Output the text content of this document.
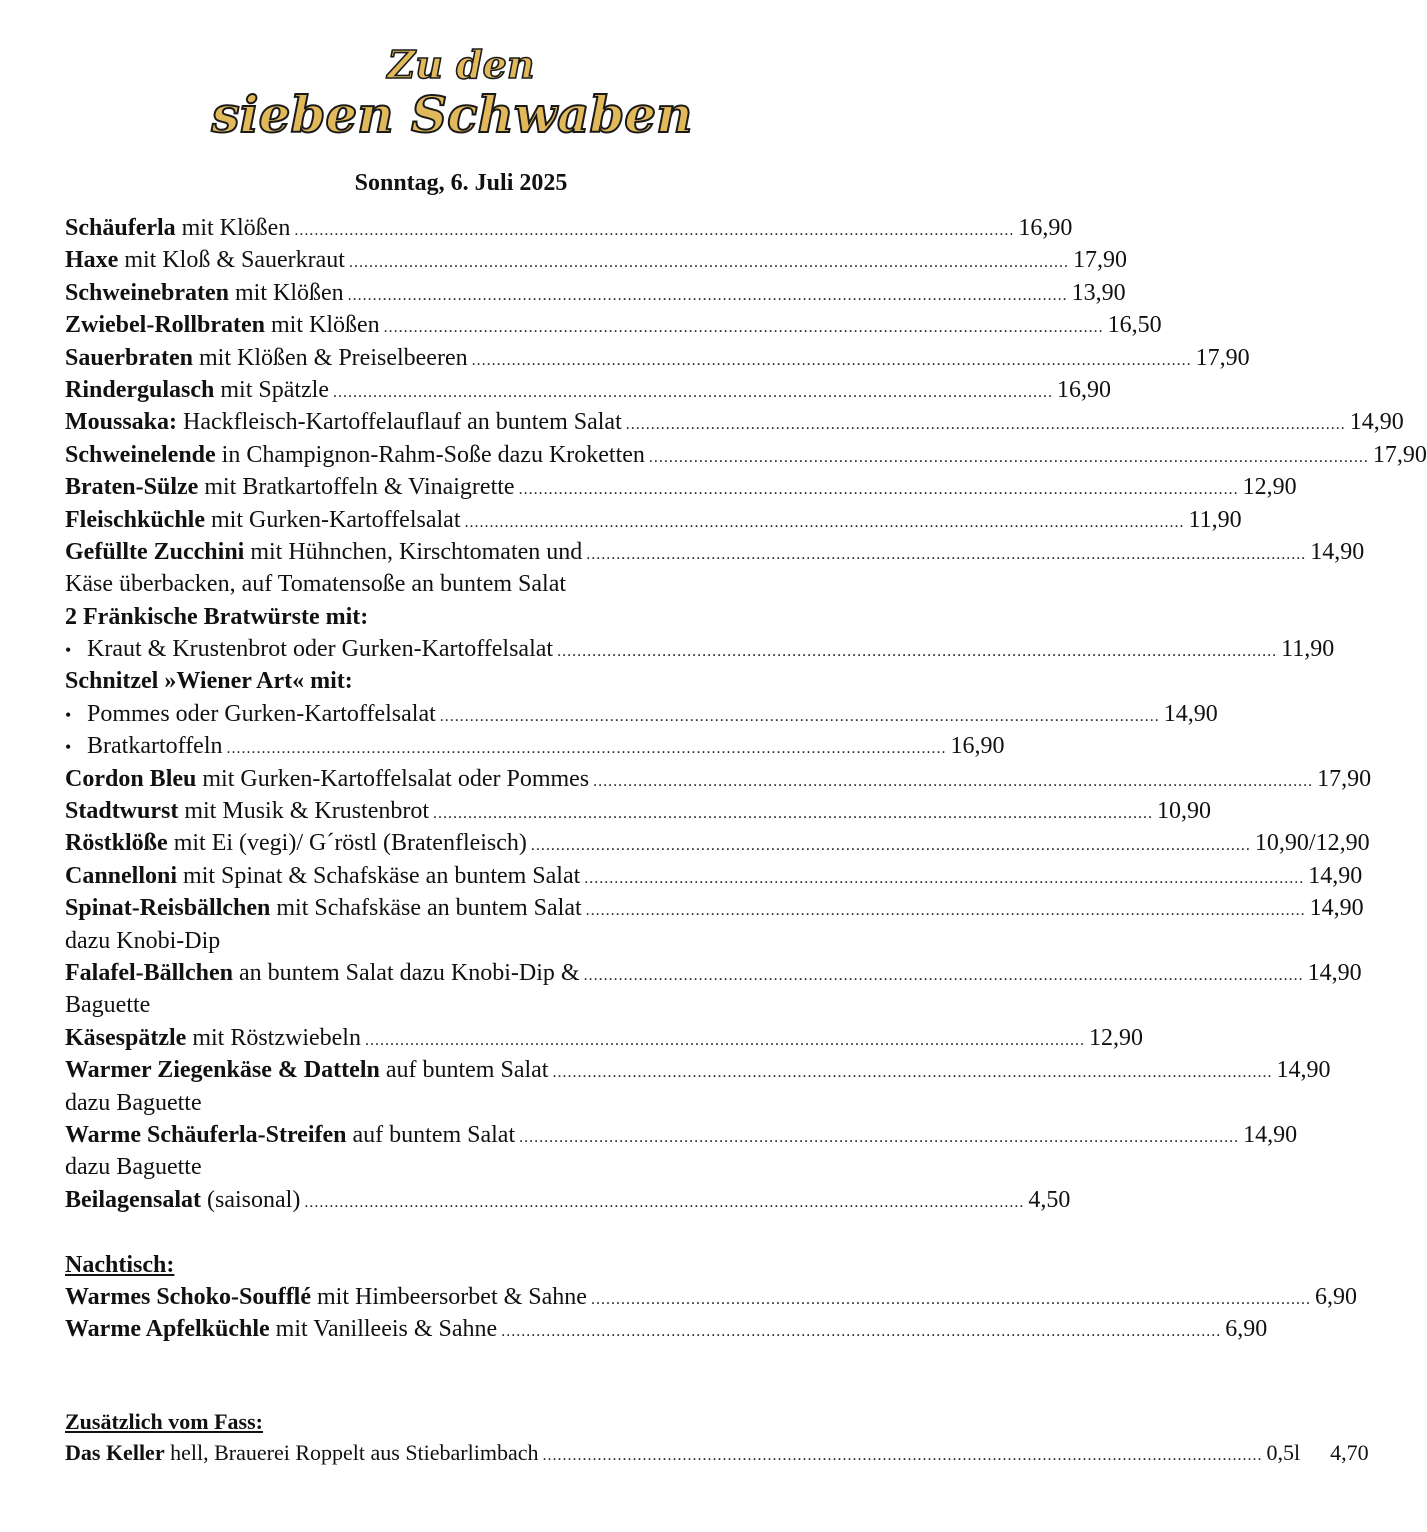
Zu den
sieben Schwaben
Sonntag, 6. Juli 2025
Schäuferla mit Klößen .....	16,90
Haxe mit Kloß & Sauerkraut .....	17,90
Schweinebraten mit Klößen .....	13,90
Zwiebel-Rollbraten mit Klößen .....	16,50
Sauerbraten mit Klößen & Preiselbeeren .....	17,90
Rindergulasch mit Spätzle .....	16,90
Moussaka: Hackfleisch-Kartoffelauflauf an buntem Salat .....	14,90
Schweinelende in Champignon-Rahm-Soße dazu Kroketten .....	17,90
Braten-Sülze mit Bratkartoffeln & Vinaigrette .....	12,90
Fleischküchle mit Gurken-Kartoffelsalat .....	11,90
Gefüllte Zucchini mit Hühnchen, Kirschtomaten und .....	14,90
Käse überbacken, auf Tomatensoße an buntem Salat
2 Fränkische Bratwürste mit:
• Kraut & Krustenbrot oder Gurken-Kartoffelsalat .....	11,90
Schnitzel »Wiener Art« mit:
• Pommes oder Gurken-Kartoffelsalat .....	14,90
• Bratkartoffeln .....	16,90
Cordon Bleu mit Gurken-Kartoffelsalat oder Pommes .....	17,90
Stadtwurst mit Musik & Krustenbrot .....	10,90
Röstklöße mit Ei (vegi)/ G´röstl (Bratenfleisch) .....	10,90/12,90
Cannelloni mit Spinat & Schafskäse an buntem Salat .....	14,90
Spinat-Reisbällchen mit Schafskäse an buntem Salat .....	14,90
dazu Knobi-Dip
Falafel-Bällchen an buntem Salat dazu Knobi-Dip & .....	14,90
Baguette
Käsespätzle mit Röstzwiebeln .....	12,90
Warmer Ziegenkäse & Datteln auf buntem Salat .....	14,90
dazu Baguette
Warme Schäuferla-Streifen auf buntem Salat .....	14,90
dazu Baguette
Beilagensalat (saisonal) .....	4,50
Nachtisch:
Warmes Schoko-Soufflé mit Himbeersorbet & Sahne .....	6,90
Warme Apfelküchle mit Vanilleeis & Sahne .....	6,90
Zusätzlich vom Fass:
Das Keller hell, Brauerei Roppelt aus Stiebarlimbach .....	0,5l 4,70
